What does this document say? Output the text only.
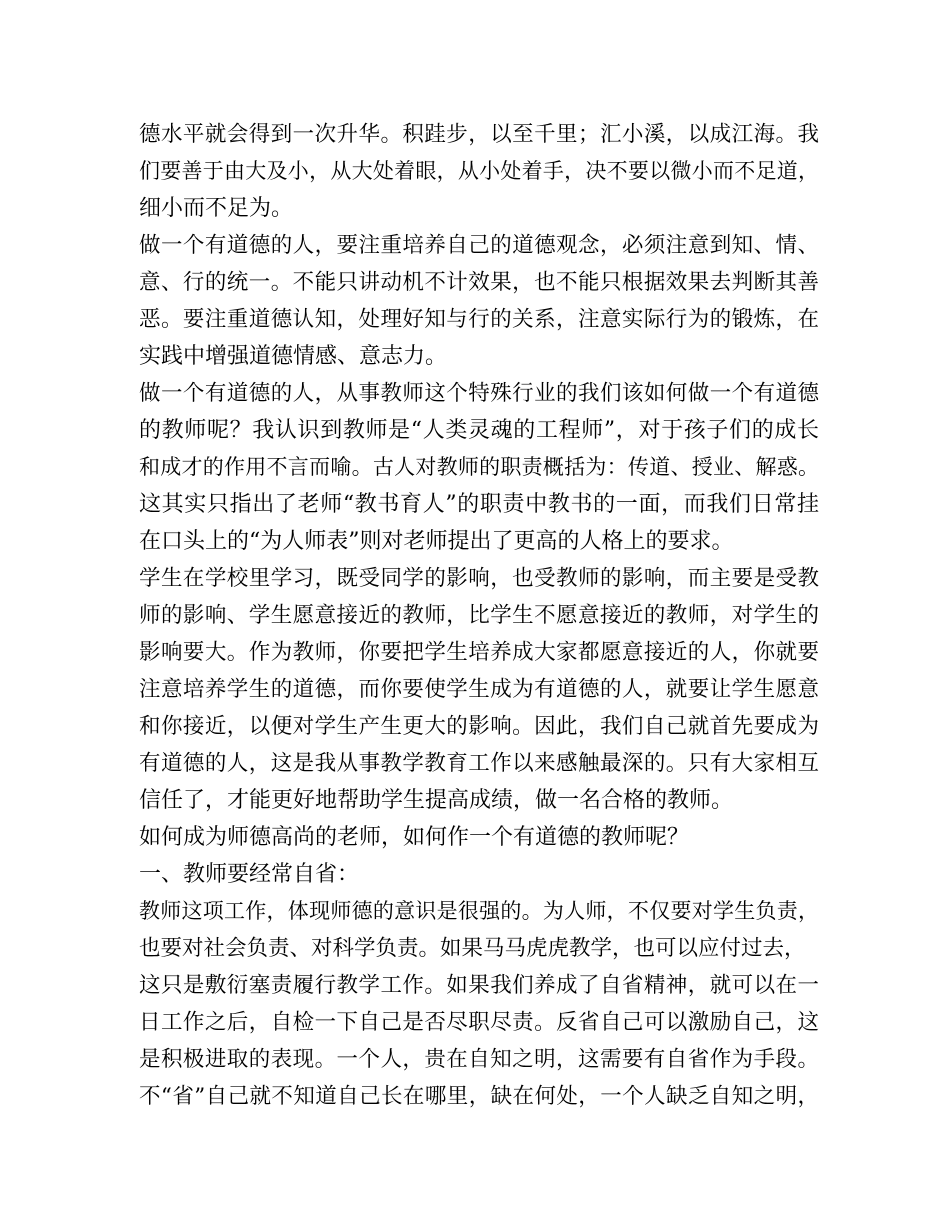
德水平就会得到一次升华。积跬步，以至千里；汇小溪，以成江海。我
们要善于由大及小，从大处着眼，从小处着手，决不要以微小而不足道，
细小而不足为。
做一个有道德的人，要注重培养自己的道德观念，必须注意到知、情、
意、行的统一。不能只讲动机不计效果，也不能只根据效果去判断其善
恶。要注重道德认知，处理好知与行的关系，注意实际行为的锻炼，在
实践中增强道德情感、意志力。
做一个有道德的人，从事教师这个特殊行业的我们该如何做一个有道德
的教师呢？我认识到教师是“人类灵魂的工程师”，对于孩子们的成长
和成才的作用不言而喻。古人对教师的职责概括为：传道、授业、解惑。
这其实只指出了老师“教书育人”的职责中教书的一面，而我们日常挂
在口头上的“为人师表”则对老师提出了更高的人格上的要求。
学生在学校里学习，既受同学的影响，也受教师的影响，而主要是受教
师的影响、学生愿意接近的教师，比学生不愿意接近的教师，对学生的
影响要大。作为教师，你要把学生培养成大家都愿意接近的人，你就要
注意培养学生的道德，而你要使学生成为有道德的人，就要让学生愿意
和你接近，以便对学生产生更大的影响。因此，我们自己就首先要成为
有道德的人，这是我从事教学教育工作以来感触最深的。只有大家相互
信任了，才能更好地帮助学生提高成绩，做一名合格的教师。
如何成为师德高尚的老师，如何作一个有道德的教师呢？
一、教师要经常自省：
教师这项工作，体现师德的意识是很强的。为人师，不仅要对学生负责，
也要对社会负责、对科学负责。如果马马虎虎教学，也可以应付过去，
这只是敷衍塞责履行教学工作。如果我们养成了自省精神，就可以在一
日工作之后，自检一下自己是否尽职尽责。反省自己可以激励自己，这
是积极进取的表现。一个人，贵在自知之明，这需要有自省作为手段。
不“省”自己就不知道自己长在哪里，缺在何处，一个人缺乏自知之明，
